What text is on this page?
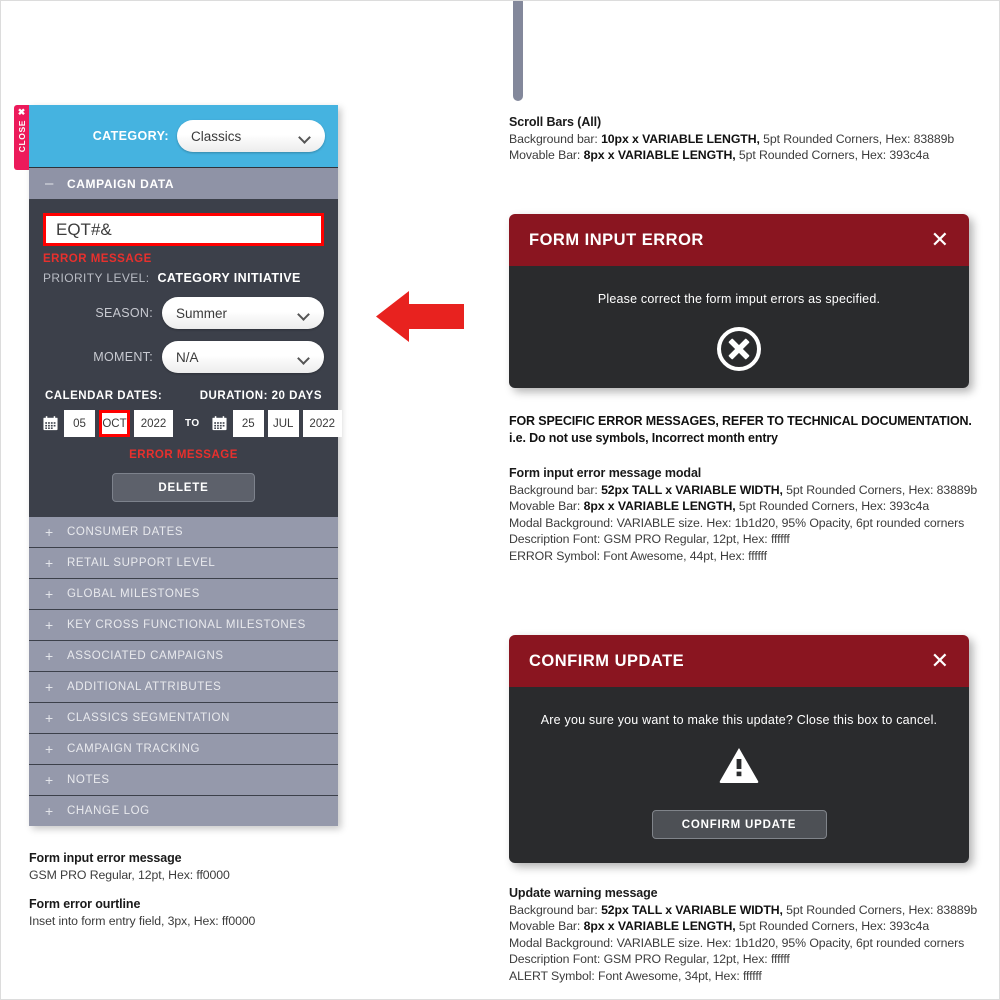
Scroll Bars (All)
Background bar: 10px x VARIABLE LENGTH, 5pt Rounded Corners, Hex: 83889b
Movable Bar: 8px x VARIABLE LENGTH, 5pt Rounded Corners, Hex: 393c4a
✖
CLOSE	CATEGORY:	Classics
–	CAMPAIGN DATA
EQT#&
ERROR MESSAGE
PRIORITY LEVEL: CATEGORY INITIATIVE
SEASON:	Summer
MOMENT:	N/A
CALENDAR DATES:	DURATION: 20 DAYS
05	OCT	2022	TO	25	JUL	2022
ERROR MESSAGE
DELETE
+	CONSUMER DATES
+	RETAIL SUPPORT LEVEL
+	GLOBAL MILESTONES
+	KEY CROSS FUNCTIONAL MILESTONES
+	ASSOCIATED CAMPAIGNS
+	ADDITIONAL ATTRIBUTES
+	CLASSICS SEGMENTATION
+	CAMPAIGN TRACKING
+	NOTES
+	CHANGE LOG
FORM INPUT ERROR	✕
Please correct the form imput errors as specified.
FOR SPECIFIC ERROR MESSAGES, REFER TO TECHNICAL DOCUMENTATION.
i.e. Do not use symbols, Incorrect month entry
Form input error message modal
Background bar: 52px TALL x VARIABLE WIDTH, 5pt Rounded Corners, Hex: 83889b
Movable Bar: 8px x VARIABLE LENGTH, 5pt Rounded Corners, Hex: 393c4a
Modal Background: VARIABLE size. Hex: 1b1d20, 95% Opacity, 6pt rounded corners
Description Font: GSM PRO Regular, 12pt, Hex: ffffff
ERROR Symbol: Font Awesome, 44pt, Hex: ffffff
CONFIRM UPDATE	✕
Are you sure you want to make this update? Close this box to cancel.
CONFIRM UPDATE
Update warning message
Background bar: 52px TALL x VARIABLE WIDTH, 5pt Rounded Corners, Hex: 83889b
Movable Bar: 8px x VARIABLE LENGTH, 5pt Rounded Corners, Hex: 393c4a
Modal Background: VARIABLE size. Hex: 1b1d20, 95% Opacity, 6pt rounded corners
Description Font: GSM PRO Regular, 12pt, Hex: ffffff
ALERT Symbol: Font Awesome, 34pt, Hex: ffffff
Form input error message
GSM PRO Regular, 12pt, Hex: ff0000
Form error ourtline
Inset into form entry field, 3px, Hex: ff0000
